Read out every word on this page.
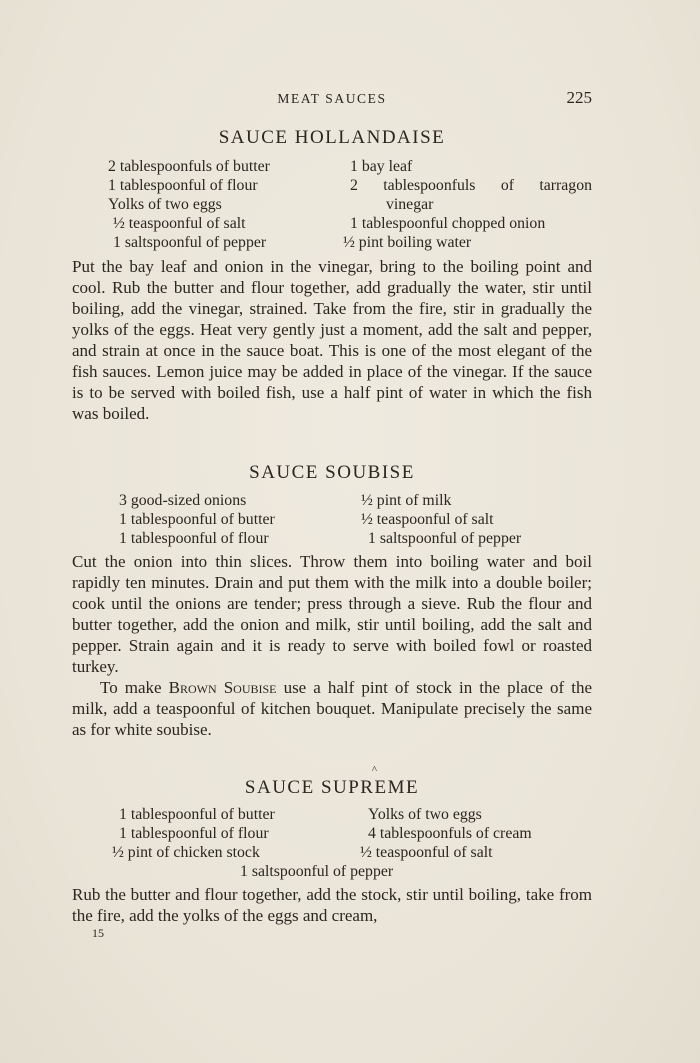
MEAT SAUCES	225
SAUCE HOLLANDAISE
2 tablespoonfuls of butter
1 tablespoonful of flour
Yolks of two eggs
½ teaspoonful of salt
1 saltspoonful of pepper
1 bay leaf
2 tablespoonfuls of tarragon
vinegar
1 tablespoonful chopped onion
½ pint boiling water

Put the bay leaf and onion in the vinegar, bring to the boiling point and cool. Rub the butter and flour together, add gradually the water, stir until boiling, add the vinegar, strained. Take from the fire, stir in gradually the yolks of the eggs. Heat very gently just a moment, add the salt and pepper, and strain at once in the sauce boat. This is one of the most elegant of the fish sauces. Lemon juice may be added in place of the vinegar. If the sauce is to be served with boiled fish, use a half pint of water in which the fish was boiled.

SAUCE SOUBISE
3 good-sized onions
1 tablespoonful of butter
1 tablespoonful of flour
½ pint of milk
½ teaspoonful of salt
1 saltspoonful of pepper

Cut the onion into thin slices. Throw them into boiling water and boil rapidly ten minutes. Drain and put them with the milk into a double boiler; cook until the onions are tender; press through a sieve. Rub the flour and butter together, add the onion and milk, stir until boiling, add the salt and pepper. Strain again and it is ready to serve with boiled fowl or roasted turkey.
To make Brown Soubise use a half pint of stock in the place of the milk, add a teaspoonful of kitchen bouquet. Manipulate precisely the same as for white soubise.

SAUCE SUPREME
^
1 tablespoonful of butter
1 tablespoonful of flour
½ pint of chicken stock
Yolks of two eggs
4 tablespoonfuls of cream
½ teaspoonful of salt
1 saltspoonful of pepper

Rub the butter and flour together, add the stock, stir until boiling, take from the fire, add the yolks of the eggs and cream,

15
